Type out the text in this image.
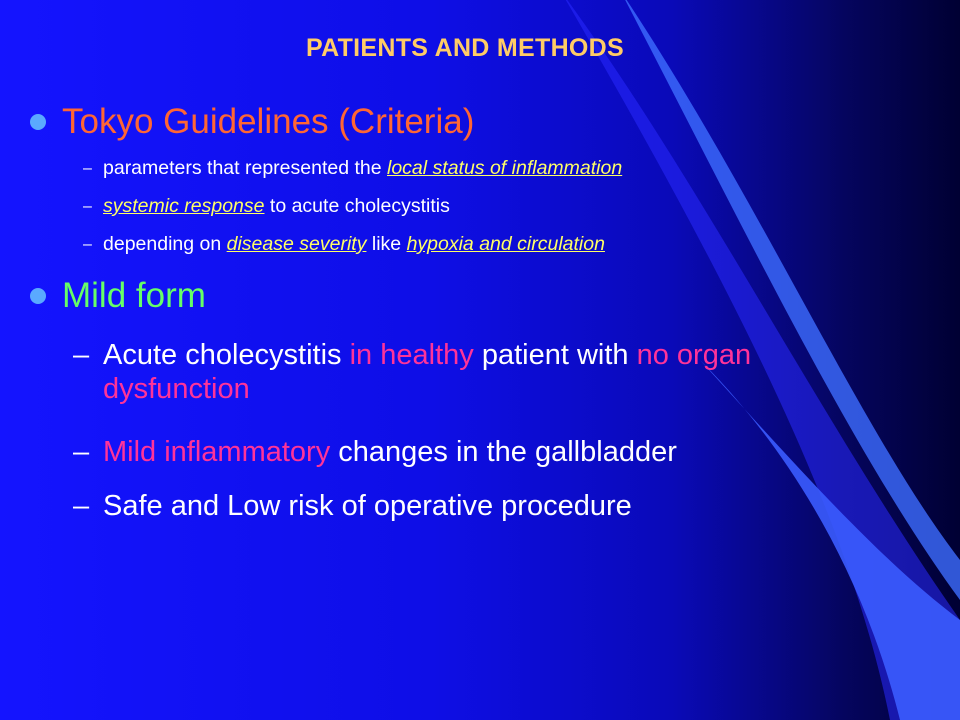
PATIENTS AND METHODS
Tokyo Guidelines (Criteria)
– parameters that represented the local status of inflammation
– systemic response to acute cholecystitis
– depending on disease severity like hypoxia and circulation
Mild form
– Acute cholecystitis in healthy patient with no organ dysfunction
– Mild inflammatory changes in the gallbladder
– Safe and Low risk of operative procedure
